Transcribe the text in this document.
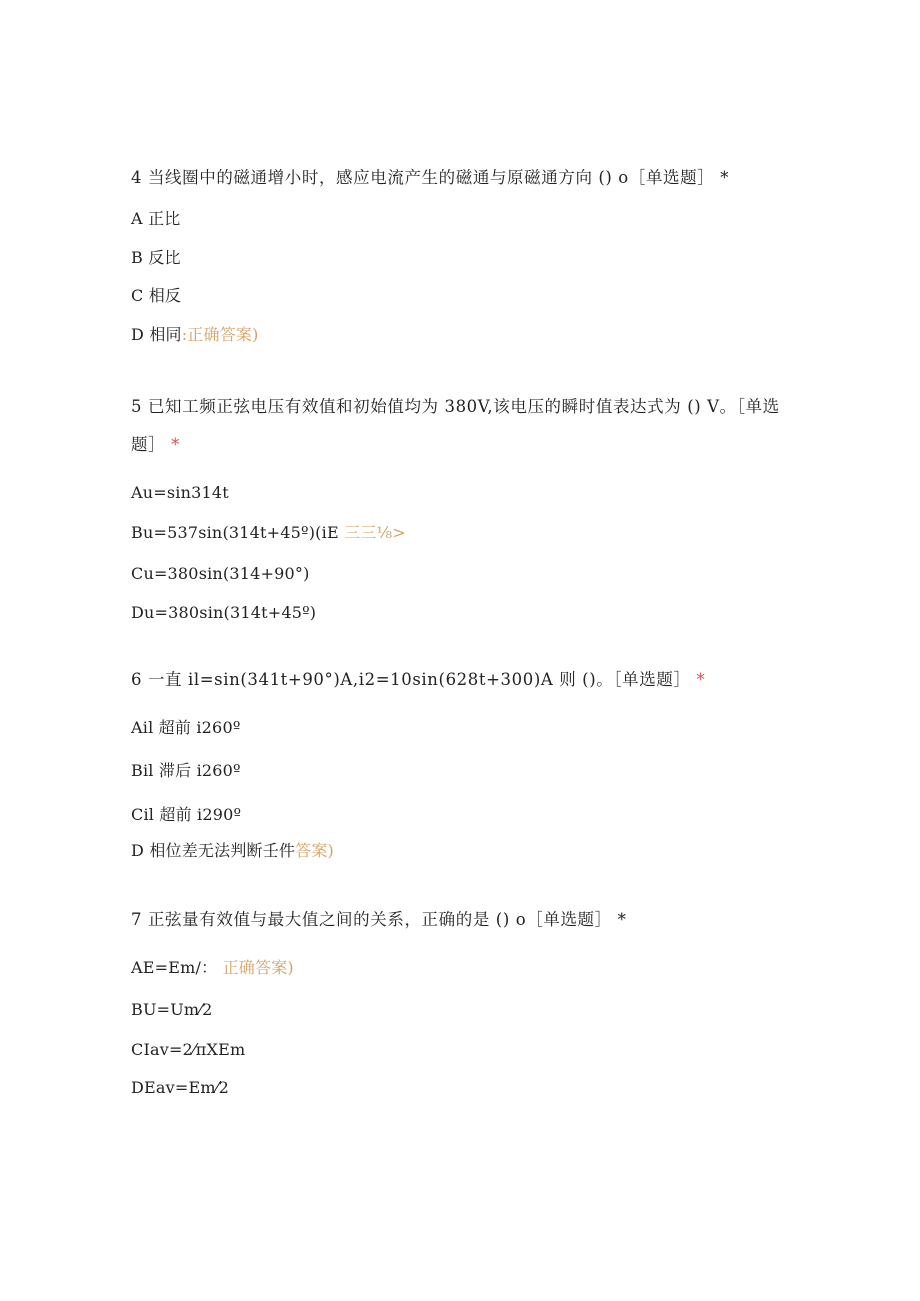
4 当线圈中的磁通增小时，感应电流产生的磁通与原磁通方向 () o［单选题］ *
A 正比
B 反比
C 相反
D 相同:正确答案)
5 已知工频正弦电压有效值和初始值均为 380V,该电压的瞬时值表达式为 () V。［单选
题］ *
Au=sin314t
Bu=537sin(314t+45º)(iE 三三⅛>
Cu=380sin(314+90°)
Du=380sin(314t+45º)
6 一直 il=sin(341t+90°)A,i2=10sin(628t+300)A 则 ()。［单选题］ *
Ail 超前 i260º
Bil 滞后 i260º
Cil 超前 i290º
D 相位差无法判断壬件答案)
7 正弦量有效值与最大值之间的关系，正确的是 () o［单选题］ *
AE=Em/： 正确答案)
BU=Um⁄2
CIav=2⁄πXEm
DEav=Em⁄2
